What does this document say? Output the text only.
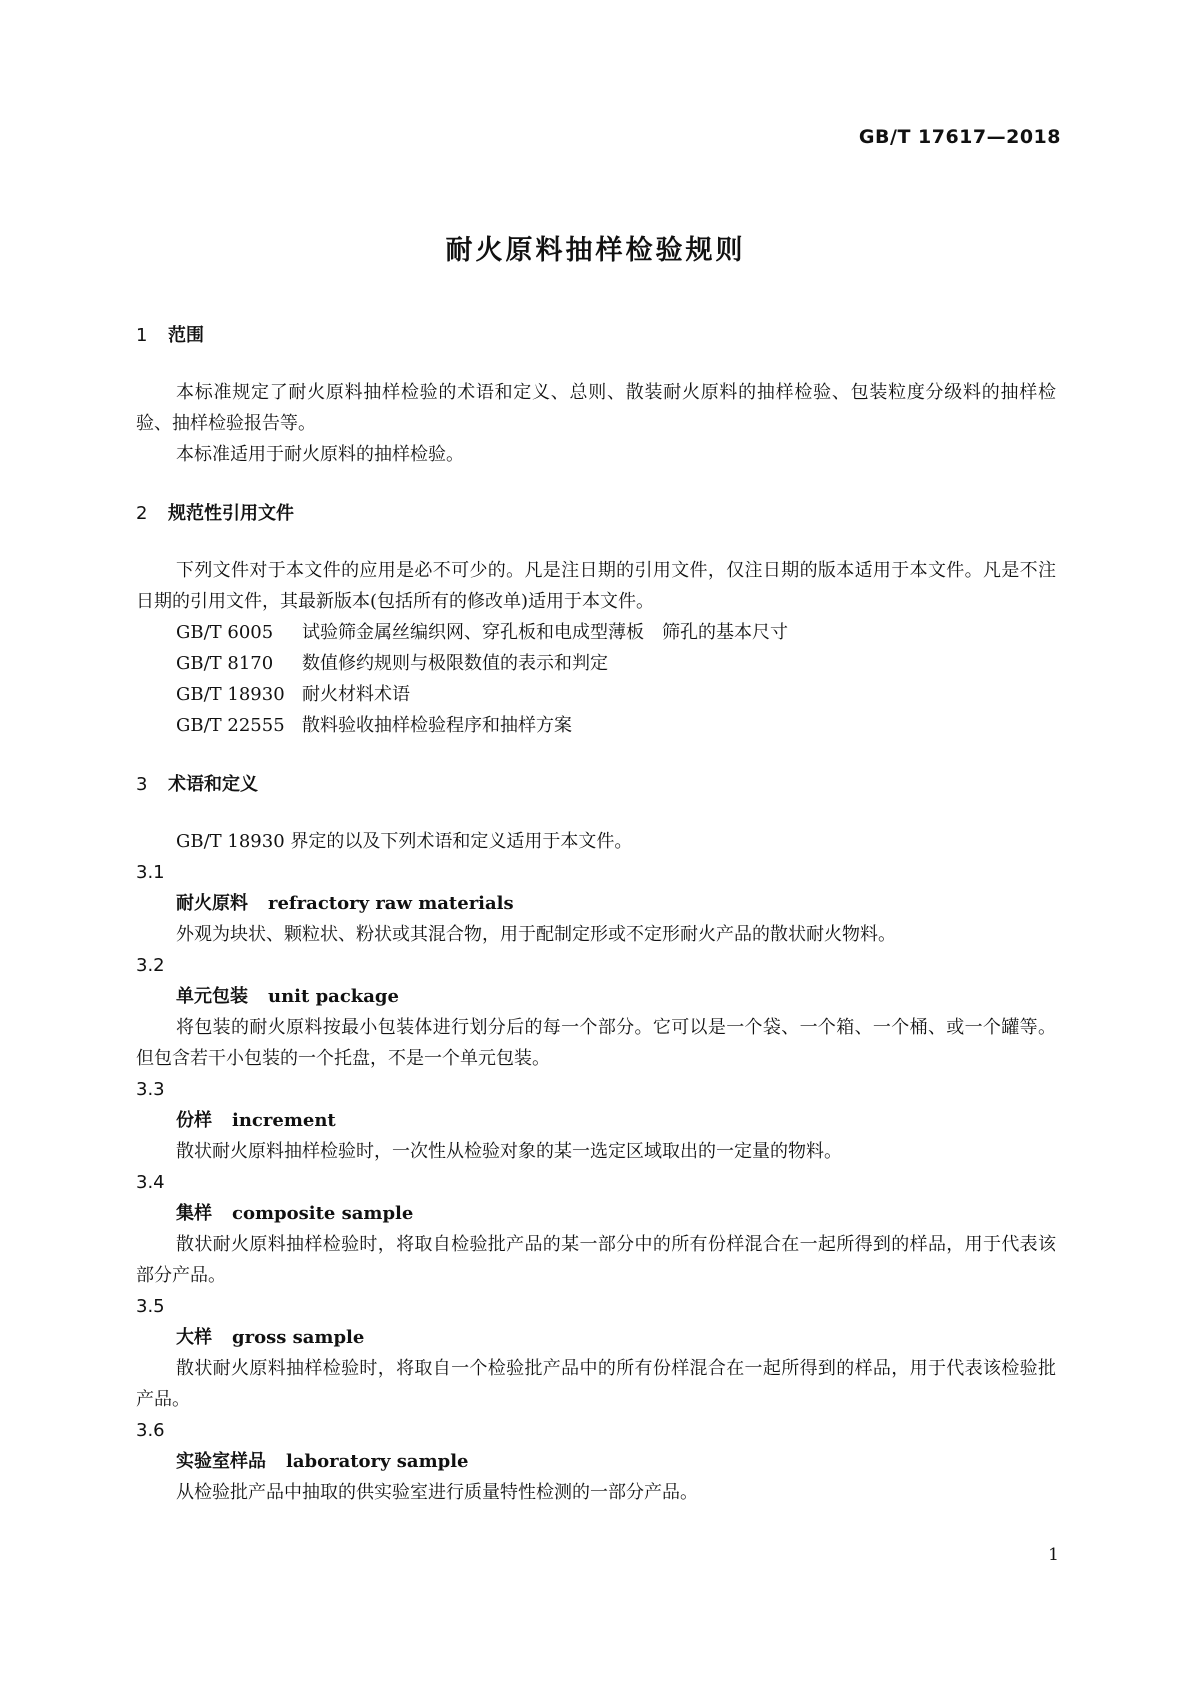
GB/T 17617—2018
耐火原料抽样检验规则
1 范围

本标准规定了耐火原料抽样检验的术语和定义、总则、散装耐火原料的抽样检验、包装粒度分级料的抽样检验、抽样检验报告等。

本标准适用于耐火原料的抽样检验。

2 规范性引用文件

下列文件对于本文件的应用是必不可少的。凡是注日期的引用文件，仅注日期的版本适用于本文件。凡是不注日期的引用文件，其最新版本(包括所有的修改单)适用于本文件。

GB/T 6005 试验筛金属丝编织网、穿孔板和电成型薄板　筛孔的基本尺寸

GB/T 8170 数值修约规则与极限数值的表示和判定

GB/T 18930 耐火材料术语

GB/T 22555 散料验收抽样检验程序和抽样方案

3 术语和定义

GB/T 18930 界定的以及下列术语和定义适用于本文件。

3.1

耐火原料 refractory raw materials

外观为块状、颗粒状、粉状或其混合物，用于配制定形或不定形耐火产品的散状耐火物料。

3.2

单元包装 unit package

将包装的耐火原料按最小包装体进行划分后的每一个部分。它可以是一个袋、一个箱、一个桶、或一个罐等。但包含若干小包装的一个托盘，不是一个单元包装。

3.3

份样 increment

散状耐火原料抽样检验时，一次性从检验对象的某一选定区域取出的一定量的物料。

3.4

集样 composite sample

散状耐火原料抽样检验时，将取自检验批产品的某一部分中的所有份样混合在一起所得到的样品，用于代表该部分产品。

3.5

大样 gross sample

散状耐火原料抽样检验时，将取自一个检验批产品中的所有份样混合在一起所得到的样品，用于代表该检验批产品。

3.6

实验室样品 laboratory sample

从检验批产品中抽取的供实验室进行质量特性检测的一部分产品。

1
